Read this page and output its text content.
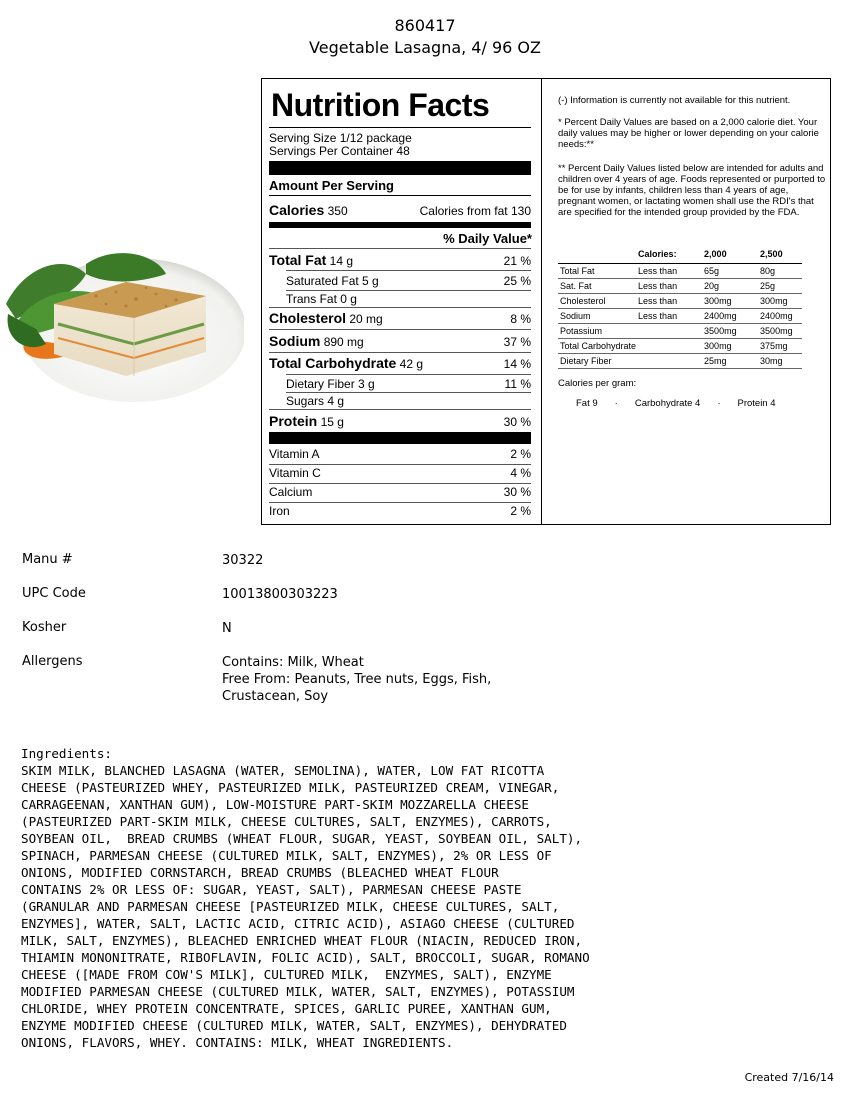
860417
Vegetable Lasagna, 4/ 96 OZ
Nutrition Facts
Serving Size 1/12 package
Servings Per Container 48
Amount Per Serving
Calories 350	Calories from fat 130
% Daily Value*
Total Fat 14 g	21 %
Saturated Fat 5 g	25 %
Trans Fat 0 g
Cholesterol 20 mg	8 %
Sodium 890 mg	37 %
Total Carbohydrate 42 g	14 %
Dietary Fiber 3 g	11 %
Sugars 4 g
Protein 15 g	30 %
Vitamin A	2 %
Vitamin C	4 %
Calcium	30 %
Iron	2 %
(-) Information is currently not available for this nutrient.
* Percent Daily Values are based on a 2,000 calorie diet. Your daily values may be higher or lower depending on your calorie needs:**
** Percent Daily Values listed below are intended for adults and children over 4 years of age. Foods represented or purported to be for use by infants, children less than 4 years of age, pregnant women, or lactating women shall use the RDI's that are specified for the intended group provided by the FDA.
	Calories:	2,000	2,500
Total Fat	Less than	65g	80g
Sat. Fat	Less than	20g	25g
Cholesterol	Less than	300mg	300mg
Sodium	Less than	2400mg	2400mg
Potassium		3500mg	3500mg
Total Carbohydrate		300mg	375mg
Dietary Fiber		25mg	30mg
Calories per gram:
Fat 9 · Carbohydrate 4 · Protein 4
Manu #	30322
UPC Code	10013800303223
Kosher	N
Allergens	Contains: Milk, Wheat
Free From: Peanuts, Tree nuts, Eggs, Fish,
Crustacean, Soy
Ingredients:
SKIM MILK, BLANCHED LASAGNA (WATER, SEMOLINA), WATER, LOW FAT RICOTTA
CHEESE (PASTEURIZED WHEY, PASTEURIZED MILK, PASTEURIZED CREAM, VINEGAR,
CARRAGEENAN, XANTHAN GUM), LOW-MOISTURE PART-SKIM MOZZARELLA CHEESE
(PASTEURIZED PART-SKIM MILK, CHEESE CULTURES, SALT, ENZYMES), CARROTS,
SOYBEAN OIL,  BREAD CRUMBS (WHEAT FLOUR, SUGAR, YEAST, SOYBEAN OIL, SALT),
SPINACH, PARMESAN CHEESE (CULTURED MILK, SALT, ENZYMES), 2% OR LESS OF
ONIONS, MODIFIED CORNSTARCH, BREAD CRUMBS (BLEACHED WHEAT FLOUR
CONTAINS 2% OR LESS OF: SUGAR, YEAST, SALT), PARMESAN CHEESE PASTE
(GRANULAR AND PARMESAN CHEESE [PASTEURIZED MILK, CHEESE CULTURES, SALT,
ENZYMES], WATER, SALT, LACTIC ACID, CITRIC ACID), ASIAGO CHEESE (CULTURED
MILK, SALT, ENZYMES), BLEACHED ENRICHED WHEAT FLOUR (NIACIN, REDUCED IRON,
THIAMIN MONONITRATE, RIBOFLAVIN, FOLIC ACID), SALT, BROCCOLI, SUGAR, ROMANO
CHEESE ([MADE FROM COW'S MILK], CULTURED MILK,  ENZYMES, SALT), ENZYME
MODIFIED PARMESAN CHEESE (CULTURED MILK, WATER, SALT, ENZYMES), POTASSIUM
CHLORIDE, WHEY PROTEIN CONCENTRATE, SPICES, GARLIC PUREE, XANTHAN GUM,
ENZYME MODIFIED CHEESE (CULTURED MILK, WATER, SALT, ENZYMES), DEHYDRATED
ONIONS, FLAVORS, WHEY. CONTAINS: MILK, WHEAT INGREDIENTS.
Created 7/16/14
